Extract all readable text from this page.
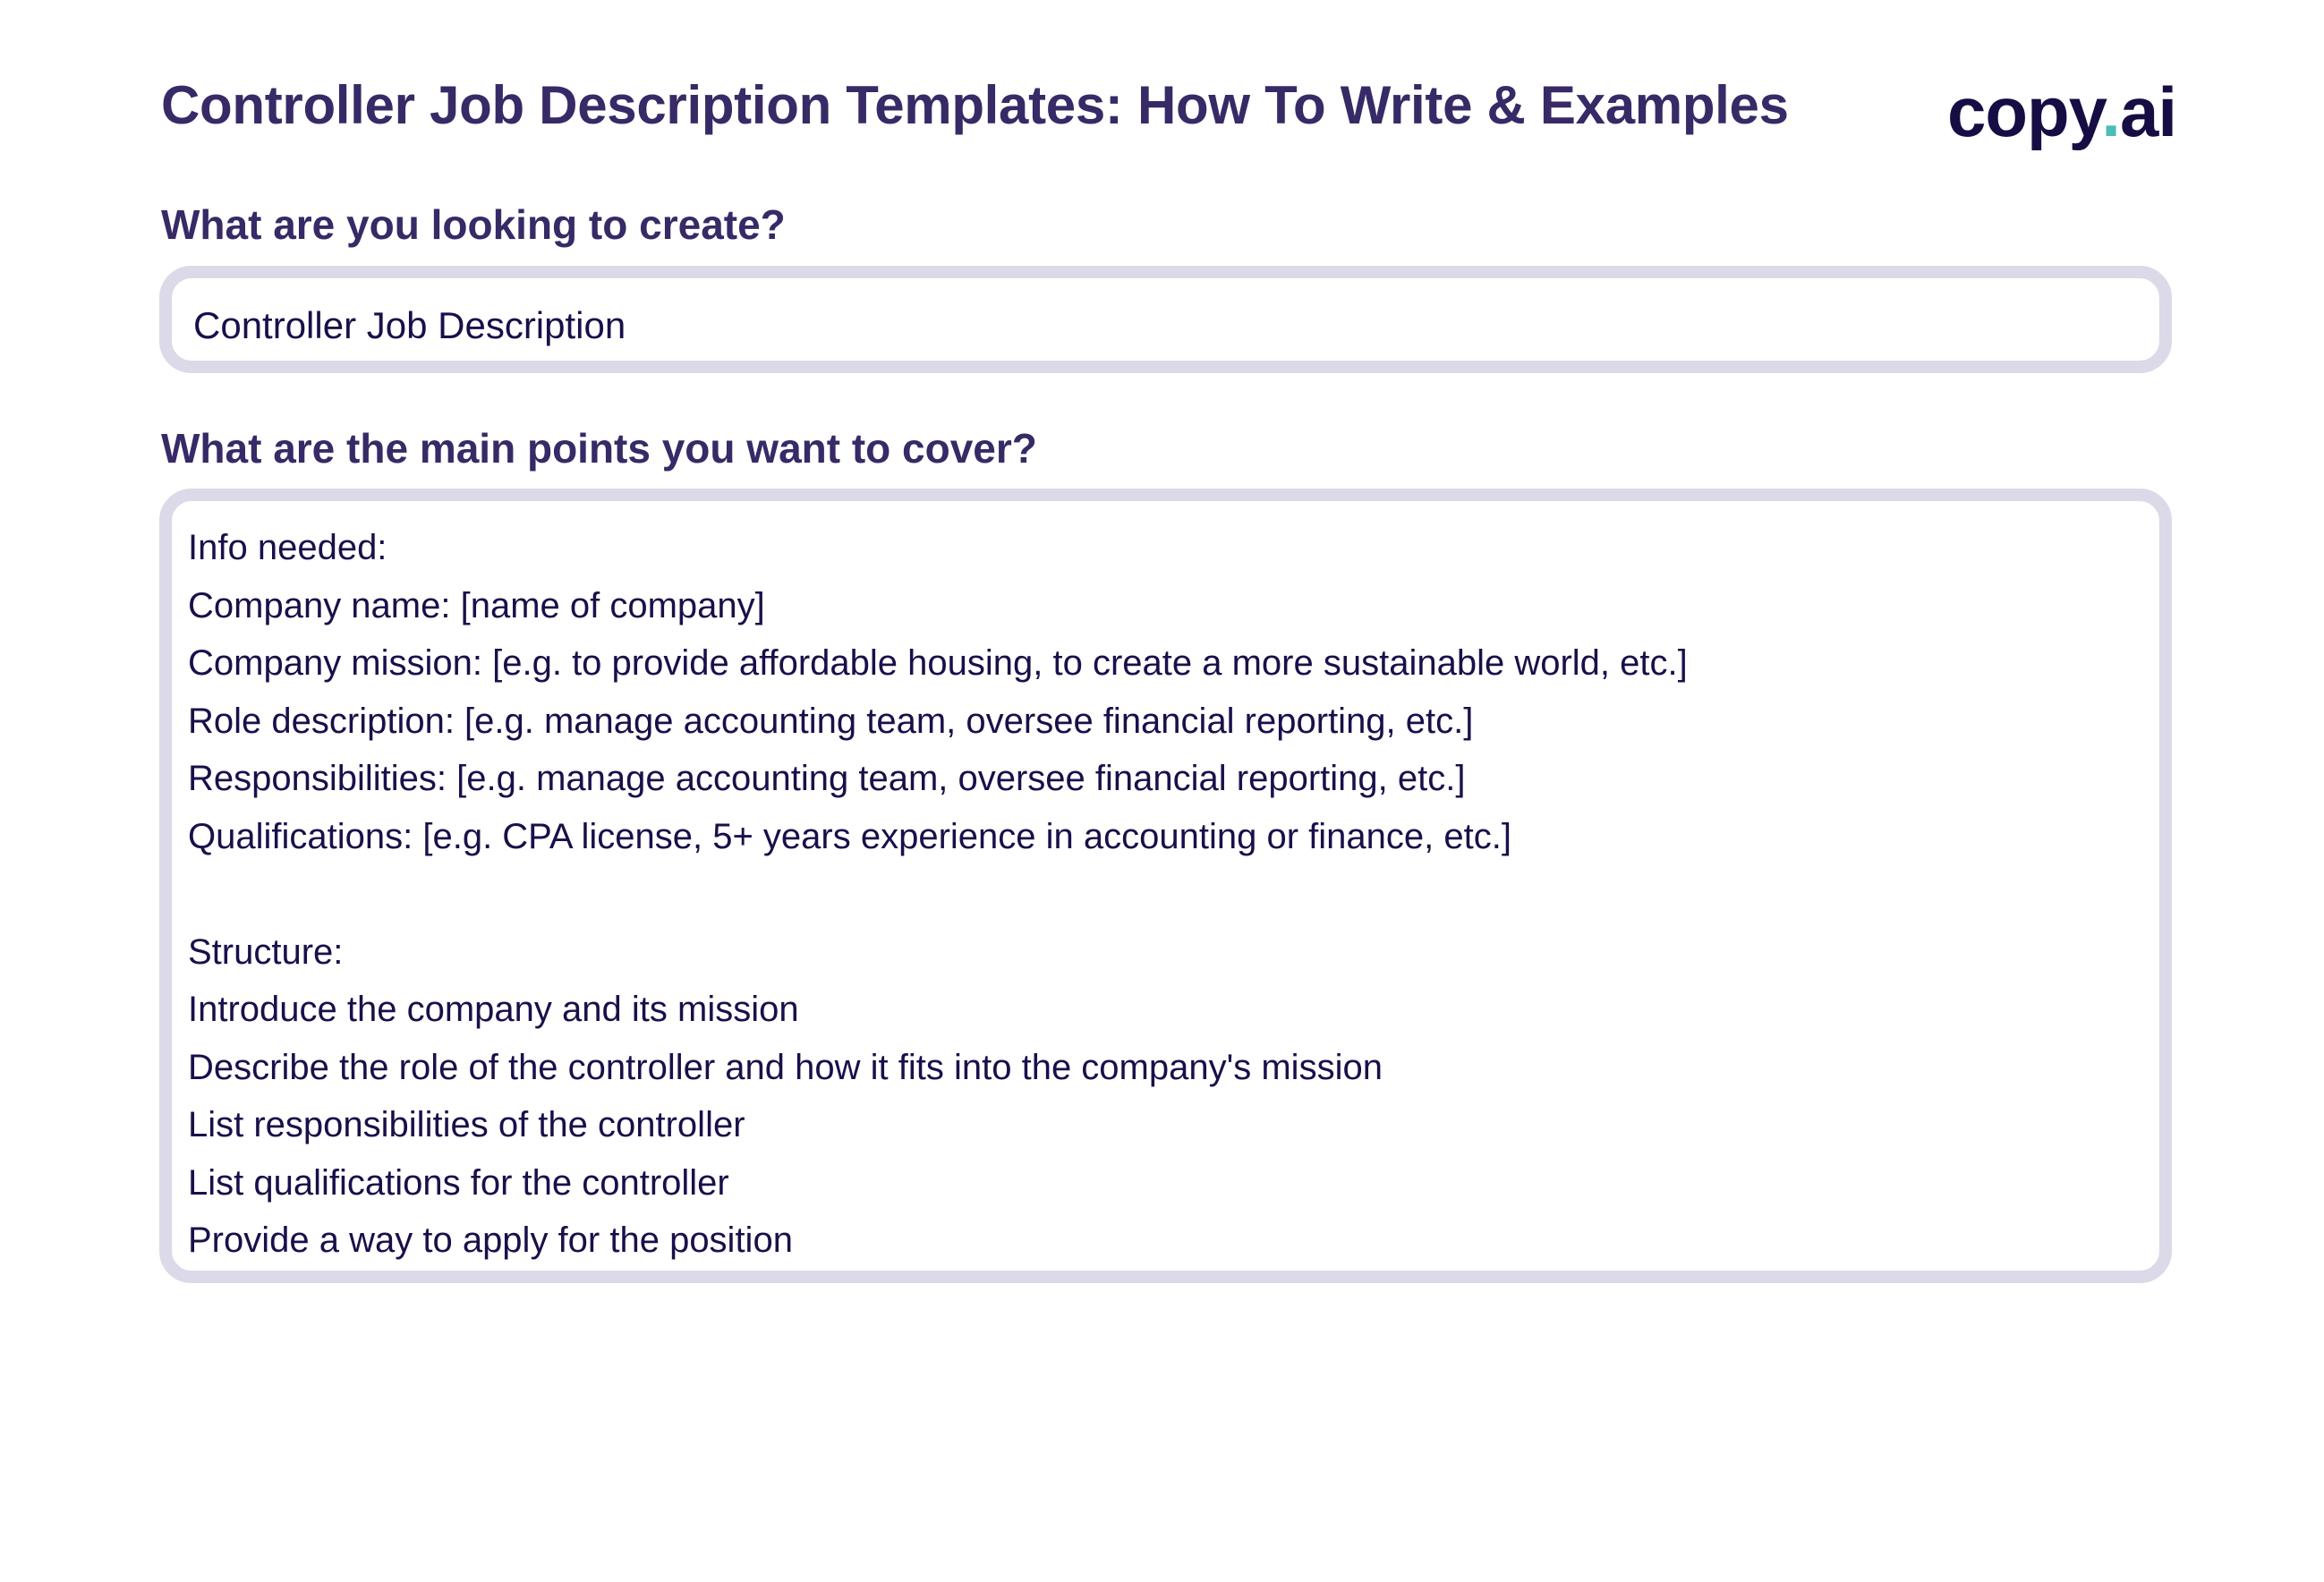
Controller Job Description Templates: How To Write & Examples copy.ai
What are you looking to create?
Controller Job Description
What are the main points you want to cover?
Info needed:
Company name: [name of company]
Company mission: [e.g. to provide affordable housing, to create a more sustainable world, etc.]
Role description: [e.g. manage accounting team, oversee financial reporting, etc.]
Responsibilities: [e.g. manage accounting team, oversee financial reporting, etc.]
Qualifications: [e.g. CPA license, 5+ years experience in accounting or finance, etc.]
Structure:
Introduce the company and its mission
Describe the role of the controller and how it fits into the company's mission
List responsibilities of the controller
List qualifications for the controller
Provide a way to apply for the position
